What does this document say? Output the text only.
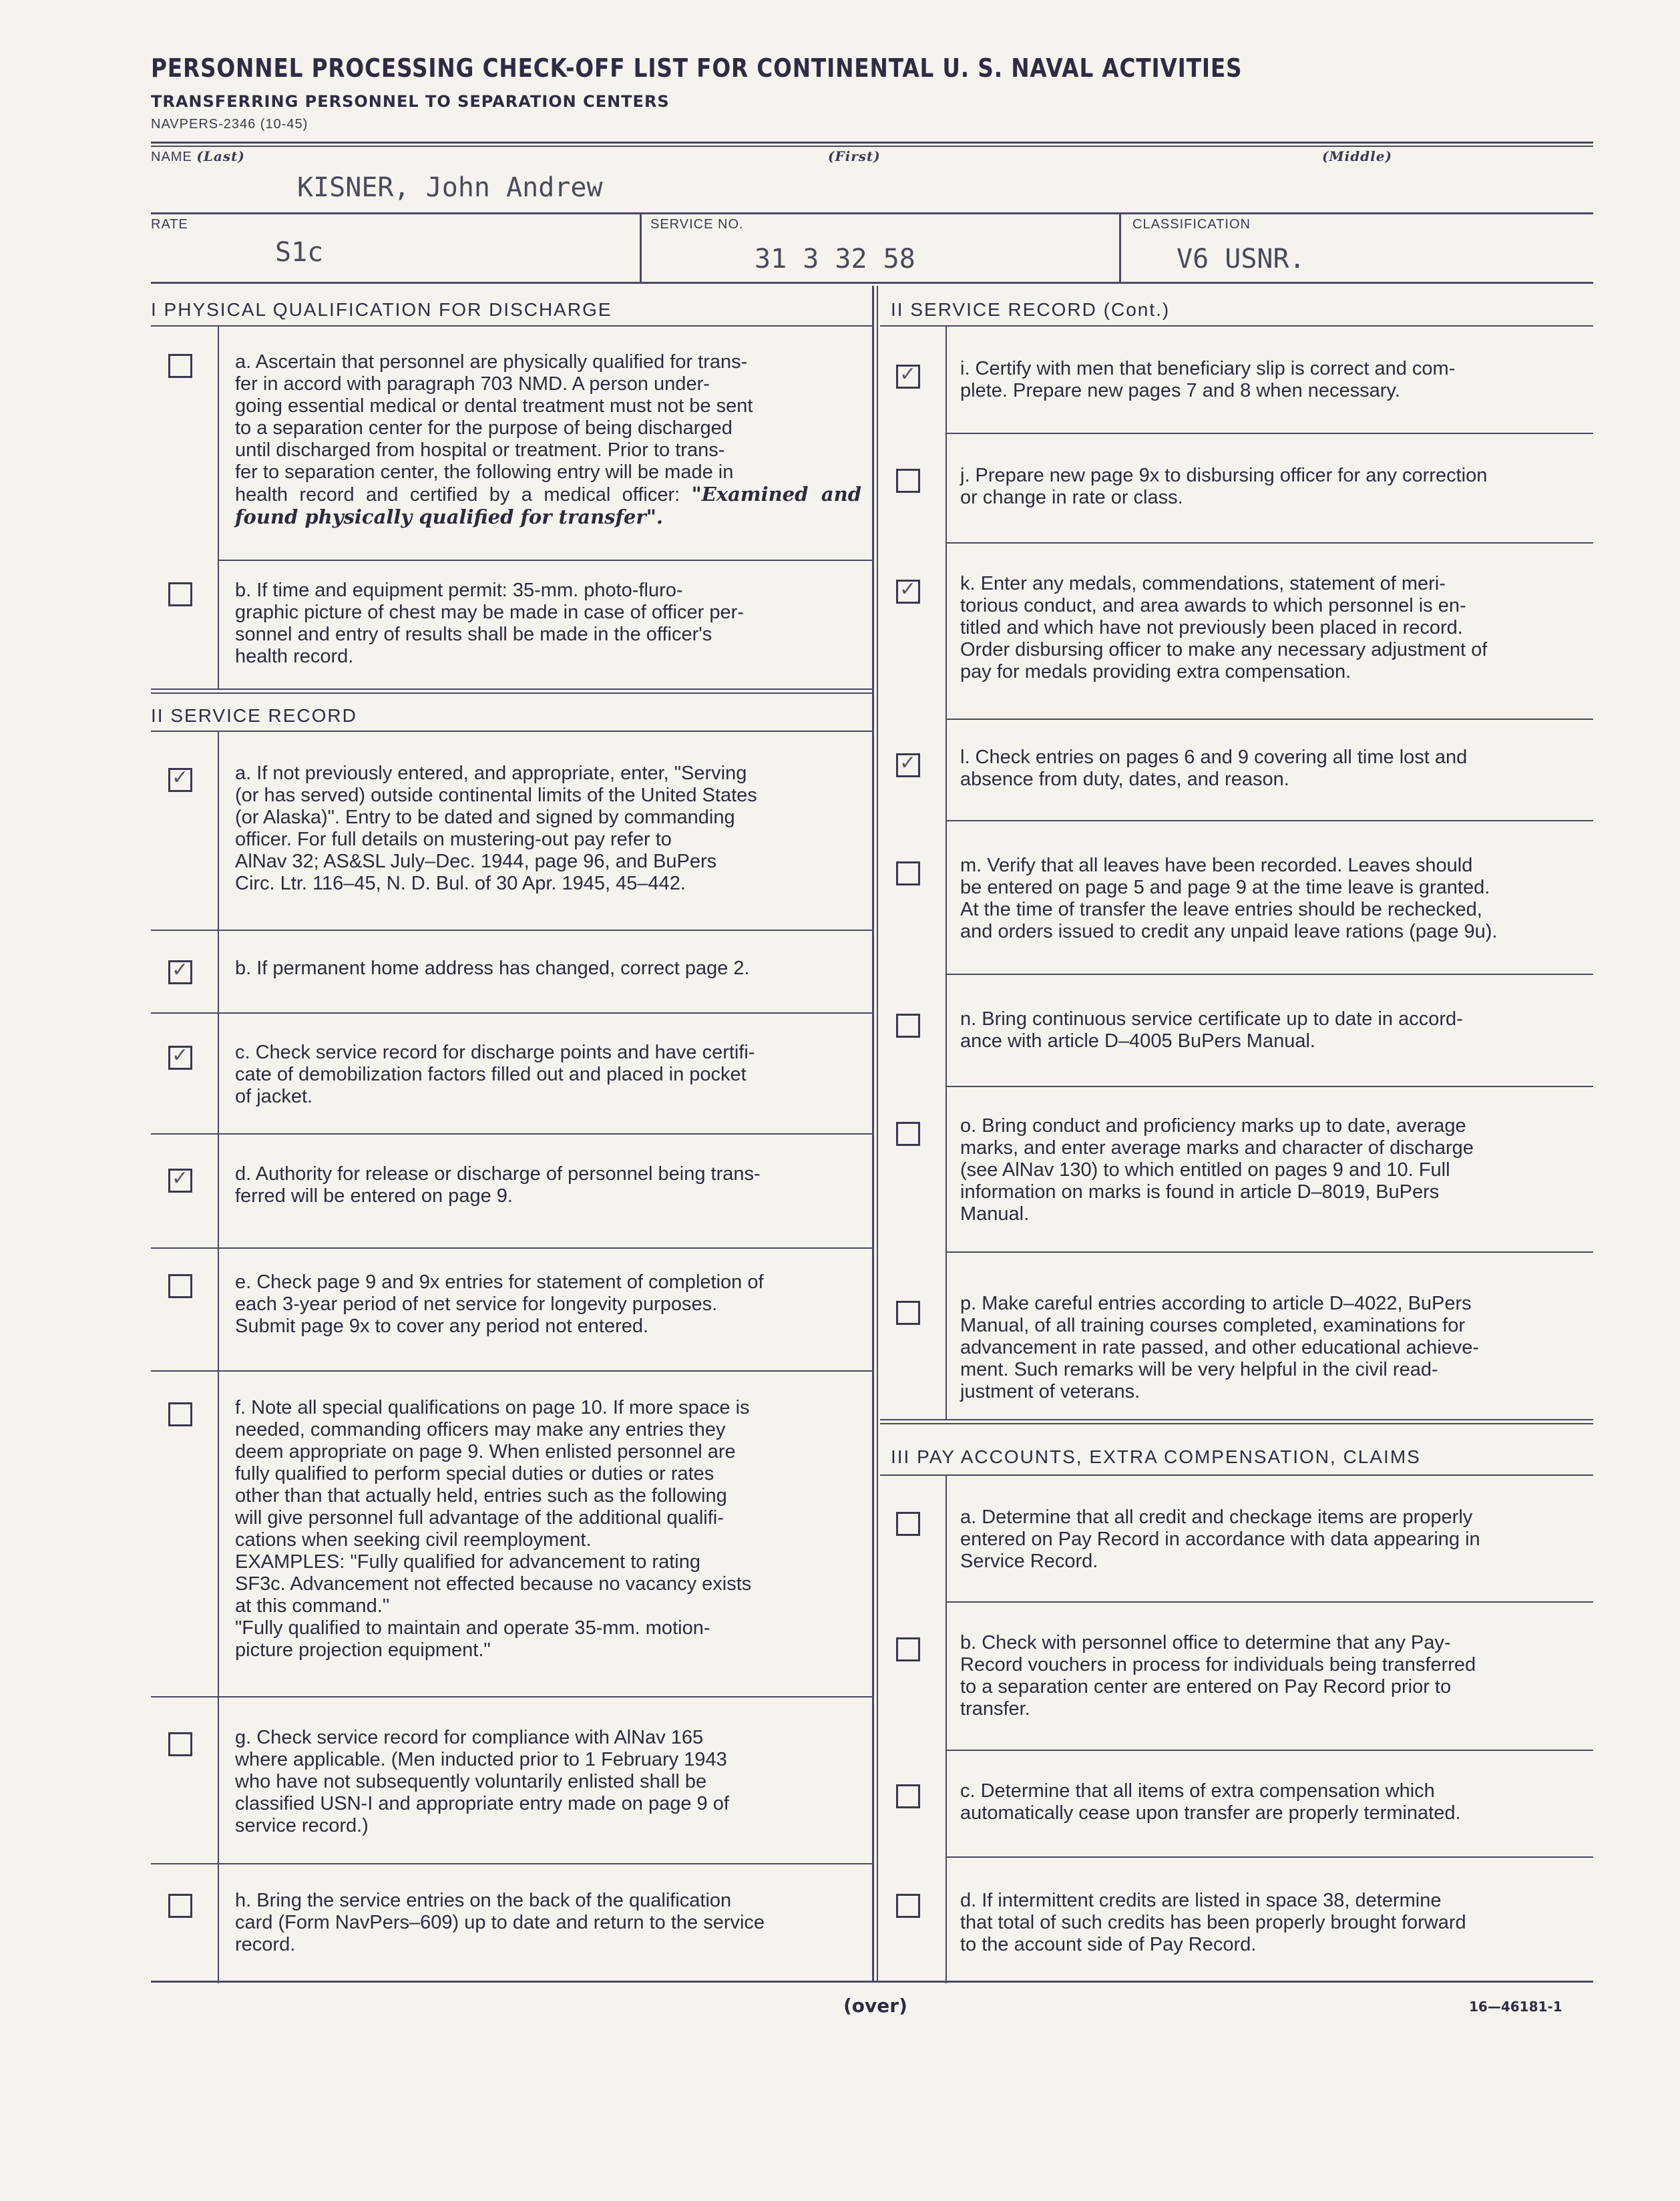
PERSONNEL PROCESSING CHECK-OFF LIST FOR CONTINENTAL U. S. NAVAL ACTIVITIES
TRANSFERRING PERSONNEL TO SEPARATION CENTERS
NAVPERS-2346 (10-45)
NAME (Last)	(First)	(Middle)
KISNER, John Andrew
RATE	SERVICE NO.	CLASSIFICATION
S1c	31 3 32 58	V6 USNR.
I PHYSICAL QUALIFICATION FOR DISCHARGE	II SERVICE RECORD (Cont.)
a. Ascertain that personnel are physically qualified for trans-
fer in accord with paragraph 703 NMD. A person under-
going essential medical or dental treatment must not be sent
to a separation center for the purpose of being discharged
until discharged from hospital or treatment. Prior to trans-
fer to separation center, the following entry will be made in
health record and certified by a medical officer: "Examined and found physically qualified for transfer".
b. If time and equipment permit: 35-mm. photo-fluro-
graphic picture of chest may be made in case of officer per-
sonnel and entry of results shall be made in the officer's
health record.
II SERVICE RECORD
✓ a. If not previously entered, and appropriate, enter, "Serving
(or has served) outside continental limits of the United States
(or Alaska)". Entry to be dated and signed by commanding
officer. For full details on mustering-out pay refer to
AlNav 32; AS&SL July–Dec. 1944, page 96, and BuPers
Circ. Ltr. 116–45, N. D. Bul. of 30 Apr. 1945, 45–442.
✓ b. If permanent home address has changed, correct page 2.
✓ c. Check service record for discharge points and have certifi-
cate of demobilization factors filled out and placed in pocket
of jacket.
✓ d. Authority for release or discharge of personnel being trans-
ferred will be entered on page 9.
e. Check page 9 and 9x entries for statement of completion of
each 3-year period of net service for longevity purposes.
Submit page 9x to cover any period not entered.
f. Note all special qualifications on page 10. If more space is
needed, commanding officers may make any entries they
deem appropriate on page 9. When enlisted personnel are
fully qualified to perform special duties or duties or rates
other than that actually held, entries such as the following
will give personnel full advantage of the additional qualifi-
cations when seeking civil reemployment.
EXAMPLES: "Fully qualified for advancement to rating
SF3c. Advancement not effected because no vacancy exists
at this command."
"Fully qualified to maintain and operate 35-mm. motion-
picture projection equipment."
g. Check service record for compliance with AlNav 165
where applicable. (Men inducted prior to 1 February 1943
who have not subsequently voluntarily enlisted shall be
classified USN-I and appropriate entry made on page 9 of
service record.)
h. Bring the service entries on the back of the qualification
card (Form NavPers–609) up to date and return to the service
record.
✓ i. Certify with men that beneficiary slip is correct and com-
plete. Prepare new pages 7 and 8 when necessary.
j. Prepare new page 9x to disbursing officer for any correction
or change in rate or class.
✓ k. Enter any medals, commendations, statement of meri-
torious conduct, and area awards to which personnel is en-
titled and which have not previously been placed in record.
Order disbursing officer to make any necessary adjustment of
pay for medals providing extra compensation.
✓ l. Check entries on pages 6 and 9 covering all time lost and
absence from duty, dates, and reason.
m. Verify that all leaves have been recorded. Leaves should
be entered on page 5 and page 9 at the time leave is granted.
At the time of transfer the leave entries should be rechecked,
and orders issued to credit any unpaid leave rations (page 9u).
n. Bring continuous service certificate up to date in accord-
ance with article D–4005 BuPers Manual.
o. Bring conduct and proficiency marks up to date, average
marks, and enter average marks and character of discharge
(see AlNav 130) to which entitled on pages 9 and 10. Full
information on marks is found in article D–8019, BuPers
Manual.
p. Make careful entries according to article D–4022, BuPers
Manual, of all training courses completed, examinations for
advancement in rate passed, and other educational achieve-
ment. Such remarks will be very helpful in the civil read-
justment of veterans.
III PAY ACCOUNTS, EXTRA COMPENSATION, CLAIMS
a. Determine that all credit and checkage items are properly
entered on Pay Record in accordance with data appearing in
Service Record.
b. Check with personnel office to determine that any Pay-
Record vouchers in process for individuals being transferred
to a separation center are entered on Pay Record prior to
transfer.
c. Determine that all items of extra compensation which
automatically cease upon transfer are properly terminated.
d. If intermittent credits are listed in space 38, determine
that total of such credits has been properly brought forward
to the account side of Pay Record.
(over)	16—46181-1
